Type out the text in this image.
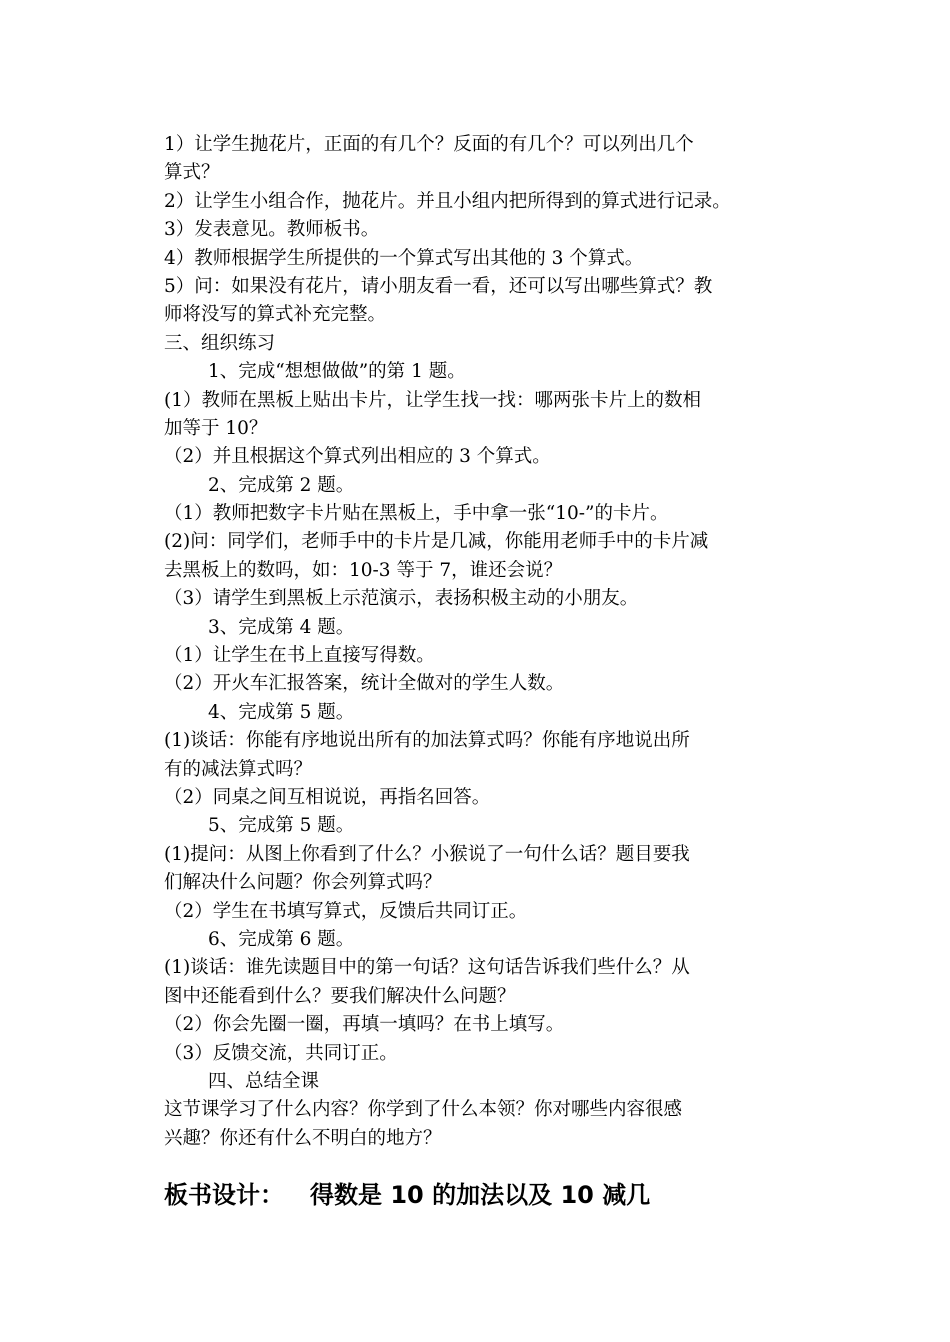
1）让学生抛花片，正面的有几个？反面的有几个？可以列出几个
算式？
2）让学生小组合作，抛花片。并且小组内把所得到的算式进行记录。
3）发表意见。教师板书。
4）教师根据学生所提供的一个算式写出其他的 3 个算式。
5）问：如果没有花片，请小朋友看一看，还可以写出哪些算式？教
师将没写的算式补充完整。
三、组织练习
1、完成“想想做做”的第 1 题。
(1）教师在黑板上贴出卡片，让学生找一找：哪两张卡片上的数相
加等于 10？
（2）并且根据这个算式列出相应的 3 个算式。
2、完成第 2 题。
（1）教师把数字卡片贴在黑板上，手中拿一张“10-”的卡片。
(2)问：同学们，老师手中的卡片是几减，你能用老师手中的卡片减
去黑板上的数吗，如：10-3 等于 7，谁还会说？
（3）请学生到黑板上示范演示，表扬积极主动的小朋友。
3、完成第 4 题。
（1）让学生在书上直接写得数。
（2）开火车汇报答案，统计全做对的学生人数。
4、完成第 5 题。
(1)谈话：你能有序地说出所有的加法算式吗？你能有序地说出所
有的减法算式吗？
（2）同桌之间互相说说，再指名回答。
5、完成第 5 题。
(1)提问：从图上你看到了什么？小猴说了一句什么话？题目要我
们解决什么问题？你会列算式吗？
（2）学生在书填写算式，反馈后共同订正。
6、完成第 6 题。
(1)谈话：谁先读题目中的第一句话？这句话告诉我们些什么？从
图中还能看到什么？要我们解决什么问题？
（2）你会先圈一圈，再填一填吗？在书上填写。
（3）反馈交流，共同订正。
四、总结全课
这节课学习了什么内容？你学到了什么本领？你对哪些内容很感
兴趣？你还有什么不明白的地方？
板书设计： 得数是 10 的加法以及 10 减几
